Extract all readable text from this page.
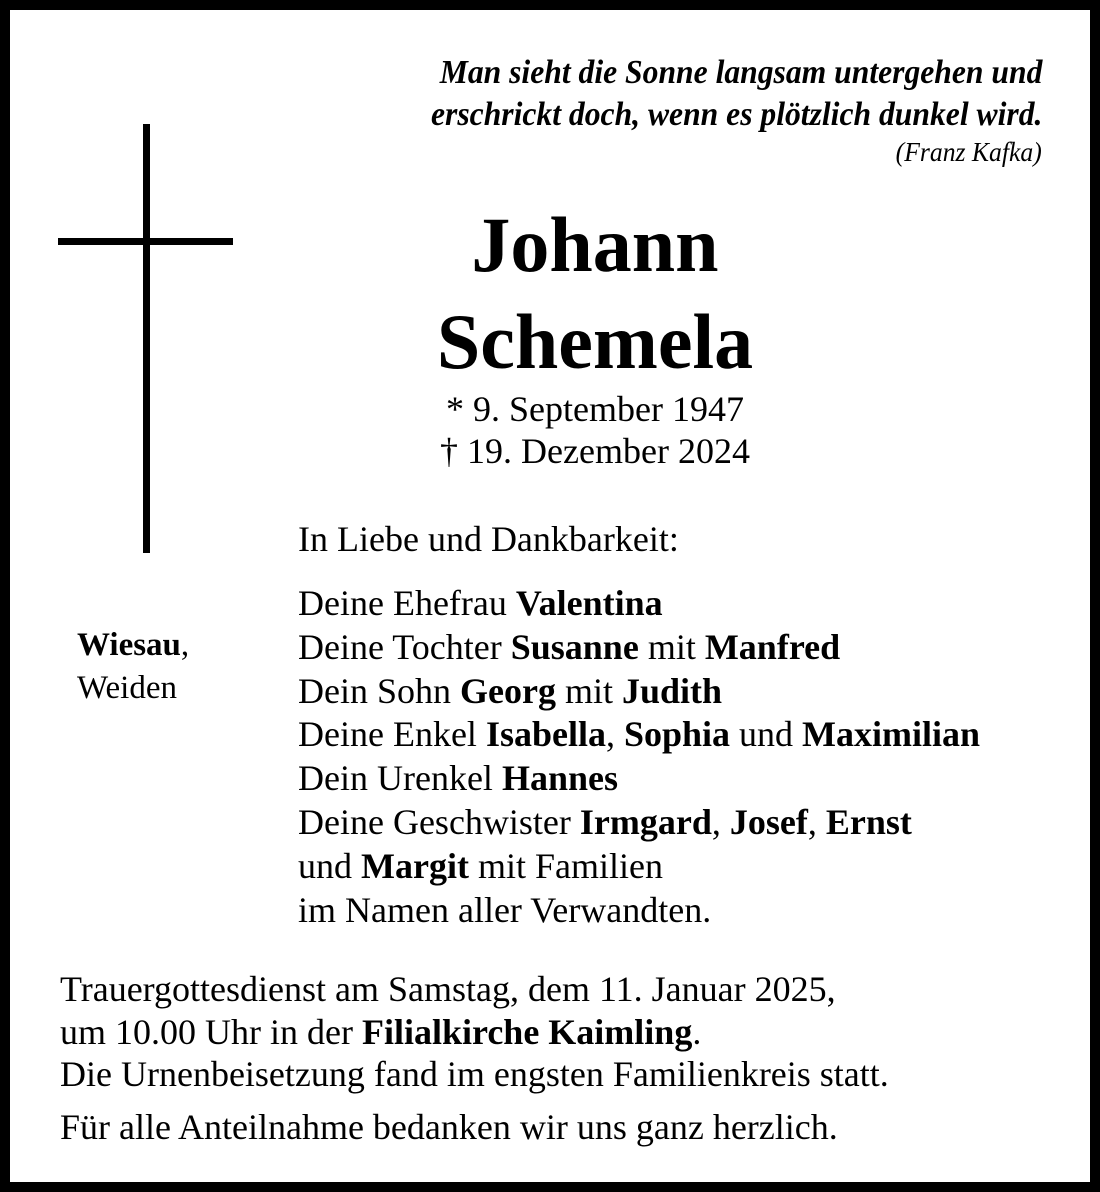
Man sieht die Sonne langsam untergehen und
erschrickt doch, wenn es plötzlich dunkel wird.
(Franz Kafka)
Johann
Schemela
* 9. September 1947
† 19. Dezember 2024
In Liebe und Dankbarkeit:
Wiesau,
Weiden
Deine Ehefrau Valentina
Deine Tochter Susanne mit Manfred
Dein Sohn Georg mit Judith
Deine Enkel Isabella, Sophia und Maximilian
Dein Urenkel Hannes
Deine Geschwister Irmgard, Josef, Ernst
und Margit mit Familien
im Namen aller Verwandten.
Trauergottesdienst am Samstag, dem 11. Januar 2025,
um 10.00 Uhr in der Filialkirche Kaimling.
Die Urnenbeisetzung fand im engsten Familienkreis statt.
Für alle Anteilnahme bedanken wir uns ganz herzlich.
